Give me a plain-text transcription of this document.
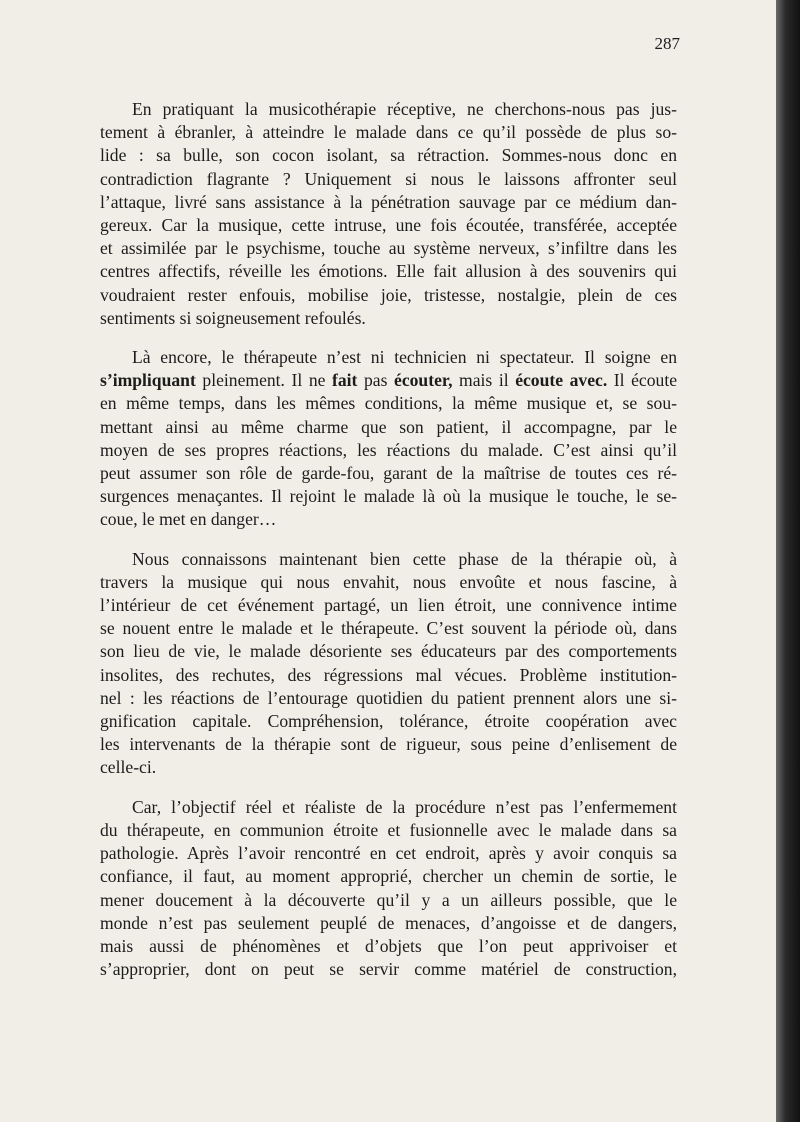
287

En pratiquant la musicothérapie réceptive, ne cherchons-nous pas jus-
tement à ébranler, à atteindre le malade dans ce qu’il possède de plus so-
lide : sa bulle, son cocon isolant, sa rétraction. Sommes-nous donc en
contradiction flagrante ? Uniquement si nous le laissons affronter seul
l’attaque, livré sans assistance à la pénétration sauvage par ce médium dan-
gereux. Car la musique, cette intruse, une fois écoutée, transférée, acceptée
et assimilée par le psychisme, touche au système nerveux, s’infiltre dans les
centres affectifs, réveille les émotions. Elle fait allusion à des souvenirs qui
voudraient rester enfouis, mobilise joie, tristesse, nostalgie, plein de ces
sentiments si soigneusement refoulés.

Là encore, le thérapeute n’est ni technicien ni spectateur. Il soigne en
s’impliquant pleinement. Il ne fait pas écouter, mais il écoute avec. Il écoute
en même temps, dans les mêmes conditions, la même musique et, se sou-
mettant ainsi au même charme que son patient, il accompagne, par le
moyen de ses propres réactions, les réactions du malade. C’est ainsi qu’il
peut assumer son rôle de garde-fou, garant de la maîtrise de toutes ces ré-
surgences menaçantes. Il rejoint le malade là où la musique le touche, le se-
coue, le met en danger…

Nous connaissons maintenant bien cette phase de la thérapie où, à
travers la musique qui nous envahit, nous envoûte et nous fascine, à
l’intérieur de cet événement partagé, un lien étroit, une connivence intime
se nouent entre le malade et le thérapeute. C’est souvent la période où, dans
son lieu de vie, le malade désoriente ses éducateurs par des comportements
insolites, des rechutes, des régressions mal vécues. Problème institution-
nel : les réactions de l’entourage quotidien du patient prennent alors une si-
gnification capitale. Compréhension, tolérance, étroite coopération avec
les intervenants de la thérapie sont de rigueur, sous peine d’enlisement de
celle-ci.

Car, l’objectif réel et réaliste de la procédure n’est pas l’enfermement
du thérapeute, en communion étroite et fusionnelle avec le malade dans sa
pathologie. Après l’avoir rencontré en cet endroit, après y avoir conquis sa
confiance, il faut, au moment approprié, chercher un chemin de sortie, le
mener doucement à la découverte qu’il y a un ailleurs possible, que le
monde n’est pas seulement peuplé de menaces, d’angoisse et de dangers,
mais aussi de phénomènes et d’objets que l’on peut apprivoiser et
s’approprier, dont on peut se servir comme matériel de construction,
